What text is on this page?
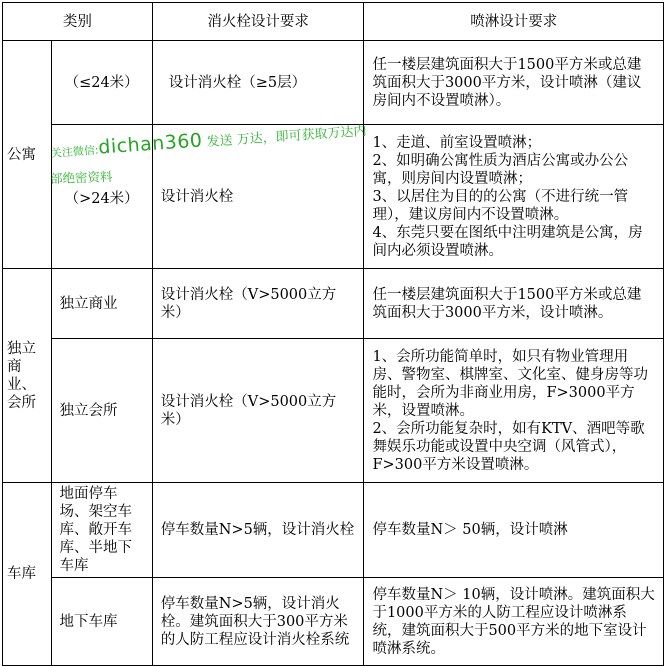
类别		消火栓设计要求	喷淋设计要求
公寓	（≤24米）	设计消火栓（≥5层）	任一楼层建筑面积大于1500平方米或总建筑面积大于3000平方米，设计喷淋（建议房间内不设置喷淋）。
	（>24米）	设计消火栓	1、走道、前室设置喷淋；
2、如明确公寓性质为酒店公寓或办公公寓，则房间内设置喷淋；
3、以居住为目的的公寓（不进行统一管理），建议房间内不设置喷淋。
4、东莞只要在图纸中注明建筑是公寓，房间内必须设置喷淋。

独立
商业、
会所	独立商业	设计消火栓（V>5000立方米）	任一楼层建筑面积大于1500平方米或总建筑面积大于3000平方米，设计喷淋。
	独立会所	设计消火栓（V>5000立方米）	1、会所功能简单时，如只有物业管理用房、警物室、棋牌室、文化室、健身房等功能时，会所为非商业用房，F>3000平方米，设置喷淋。
2、会所功能复杂时，如有KTV、酒吧等歌舞娱乐功能或设置中央空调（风管式），F>300平方米设置喷淋。

车库	地面停车场、架空车库、敞开车库、半地下车库	停车数量N>5辆，设计消火栓	停车数量N＞ 50辆，设计喷淋
	地下车库	停车数量N>5辆，设计消火栓。建筑面积大于300平方米的人防工程应设计消火栓系统	停车数量N＞ 10辆，设计喷淋。建筑面积大于1000平方米的人防工程应设计喷淋系统，建筑面积大于500平方米的地下室设计喷淋系统。
关注微信:dichan360 发送 万达，即可获取万达内
部绝密资料
